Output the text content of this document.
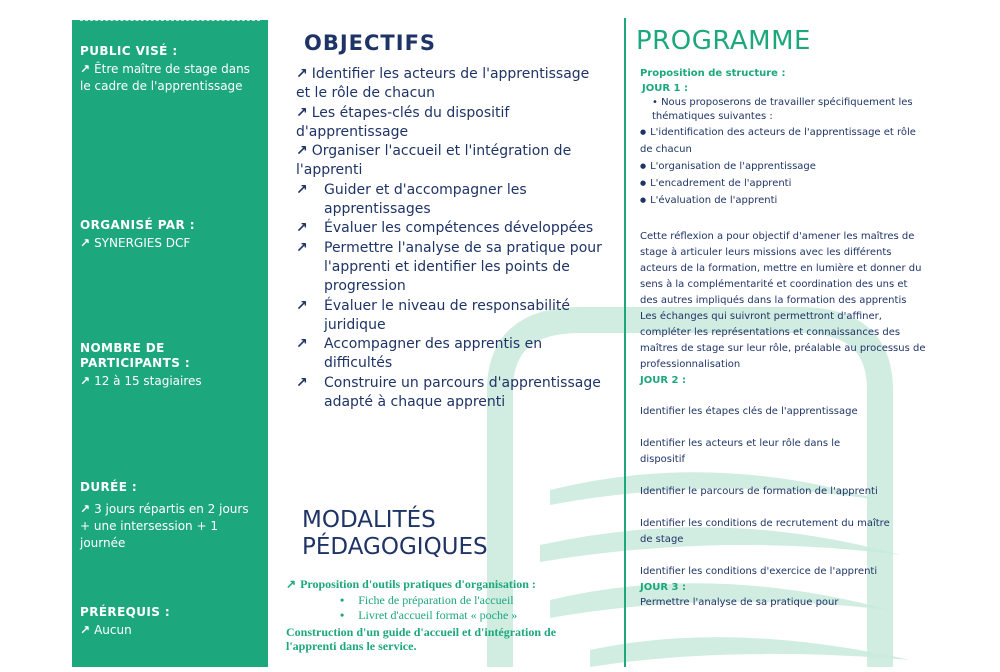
PUBLIC VISÉ :
↗ Être maître de stage dans le cadre de l'apprentissage
ORGANISÉ PAR :
↗ SYNERGIES DCF
NOMBRE DE PARTICIPANTS :
↗ 12 à 15 stagiaires
DURÉE :
↗ 3 jours répartis en 2 jours + une intersession + 1 journée
PRÉREQUIS :
↗ Aucun
OBJECTIFS
↗ Identifier les acteurs de l'apprentissage et le rôle de chacun
↗ Les étapes-clés du dispositif d'apprentissage
↗ Organiser l'accueil et l'intégration de l'apprenti
↗ Guider et d'accompagner les apprentissages
↗ Évaluer les compétences développées
↗ Permettre l'analyse de sa pratique pour l'apprenti et identifier les points de progression
↗ Évaluer le niveau de responsabilité juridique
↗ Accompagner des apprentis en difficultés
↗ Construire un parcours d'apprentissage adapté à chaque apprenti
MODALITÉS PÉDAGOGIQUES
↗ Proposition d'outils pratiques d'organisation :
• Fiche de préparation de l'accueil
• Livret d'accueil format « poche »
Construction d'un guide d'accueil et d'intégration de l'apprenti dans le service.
PROGRAMME
Proposition de structure :
JOUR 1 :
• Nous proposerons de travailler spécifiquement les thématiques suivantes :
● L'identification des acteurs de l'apprentissage et rôle de chacun
● L'organisation de l'apprentissage
● L'encadrement de l'apprenti
● L'évaluation de l'apprenti
Cette réflexion a pour objectif d'amener les maîtres de stage à articuler leurs missions avec les différents acteurs de la formation, mettre en lumière et donner du sens à la complémentarité et coordination des uns et des autres impliqués dans la formation des apprentis
Les échanges qui suivront permettront d'affiner, compléter les représentations et connaissances des maîtres de stage sur leur rôle, préalable au processus de professionnalisation
JOUR 2 :
Identifier les étapes clés de l'apprentissage
Identifier les acteurs et leur rôle dans le dispositif
Identifier le parcours de formation de l'apprenti
Identifier les conditions de recrutement du maître de stage
Identifier les conditions d'exercice de l'apprenti
JOUR 3 :
Permettre l'analyse de sa pratique pour
